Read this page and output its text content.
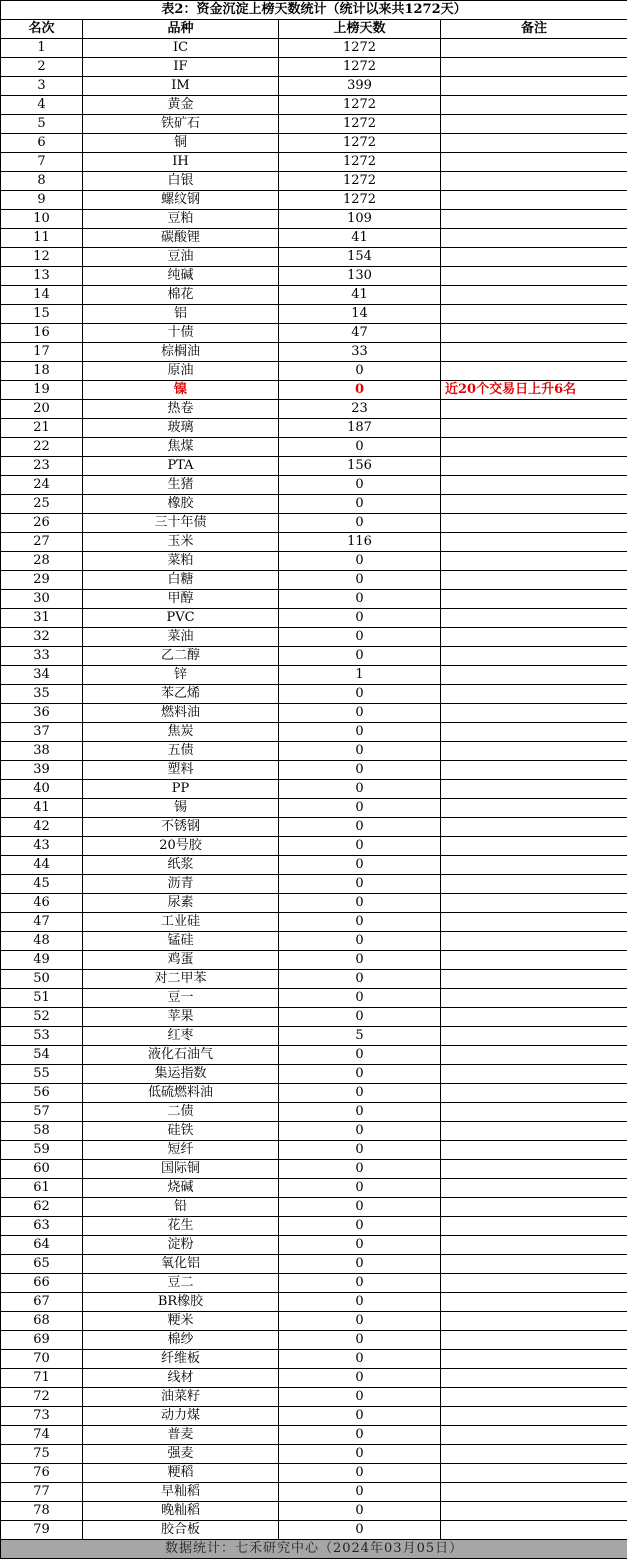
表2：资金沉淀上榜天数统计（统计以来共1272天）			
名次	品种	上榜天数	备注
1	IC	1272	
2	IF	1272	
3	IM	399	
4	黄金	1272	
5	铁矿石	1272	
6	铜	1272	
7	IH	1272	
8	白银	1272	
9	螺纹钢	1272	
10	豆粕	109	
11	碳酸锂	41	
12	豆油	154	
13	纯碱	130	
14	棉花	41	
15	铝	14	
16	十债	47	
17	棕榈油	33	
18	原油	0	
19	镍	0	近20个交易日上升6名
20	热卷	23	
21	玻璃	187	
22	焦煤	0	
23	PTA	156	
24	生猪	0	
25	橡胶	0	
26	三十年债	0	
27	玉米	116	
28	菜粕	0	
29	白糖	0	
30	甲醇	0	
31	PVC	0	
32	菜油	0	
33	乙二醇	0	
34	锌	1	
35	苯乙烯	0	
36	燃料油	0	
37	焦炭	0	
38	五债	0	
39	塑料	0	
40	PP	0	
41	锡	0	
42	不锈钢	0	
43	20号胶	0	
44	纸浆	0	
45	沥青	0	
46	尿素	0	
47	工业硅	0	
48	锰硅	0	
49	鸡蛋	0	
50	对二甲苯	0	
51	豆一	0	
52	苹果	0	
53	红枣	5	
54	液化石油气	0	
55	集运指数	0	
56	低硫燃料油	0	
57	二债	0	
58	硅铁	0	
59	短纤	0	
60	国际铜	0	
61	烧碱	0	
62	铅	0	
63	花生	0	
64	淀粉	0	
65	氧化铝	0	
66	豆二	0	
67	BR橡胶	0	
68	粳米	0	
69	棉纱	0	
70	纤维板	0	
71	线材	0	
72	油菜籽	0	
73	动力煤	0	
74	普麦	0	
75	强麦	0	
76	粳稻	0	
77	早籼稻	0	
78	晚籼稻	0	
79	胶合板	0	
数据统计：七禾研究中心（2024年03月05日）			
